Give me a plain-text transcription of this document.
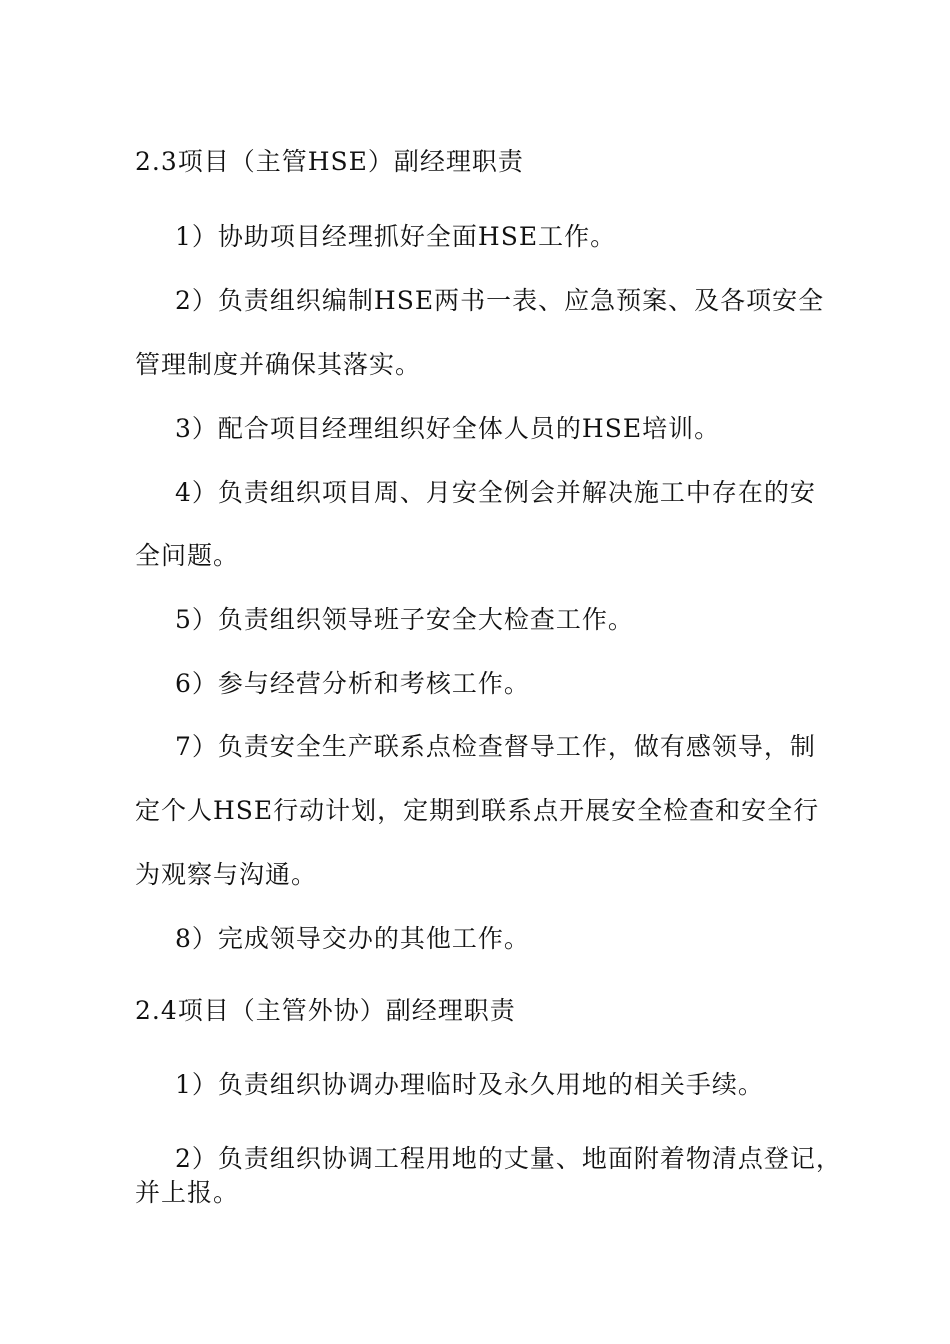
2.3项目（主管HSE）副经理职责
1）协助项目经理抓好全面HSE工作。
2）负责组织编制HSE两书一表、应急预案、及各项安全
管理制度并确保其落实。
3）配合项目经理组织好全体人员的HSE培训。
4）负责组织项目周、月安全例会并解决施工中存在的安
全问题。
5）负责组织领导班子安全大检查工作。
6）参与经营分析和考核工作。
7）负责安全生产联系点检查督导工作，做有感领导，制
定个人HSE行动计划，定期到联系点开展安全检查和安全行
为观察与沟通。
8）完成领导交办的其他工作。
2.4项目（主管外协）副经理职责
1）负责组织协调办理临时及永久用地的相关手续。
2）负责组织协调工程用地的丈量、地面附着物清点登记，
并上报。
